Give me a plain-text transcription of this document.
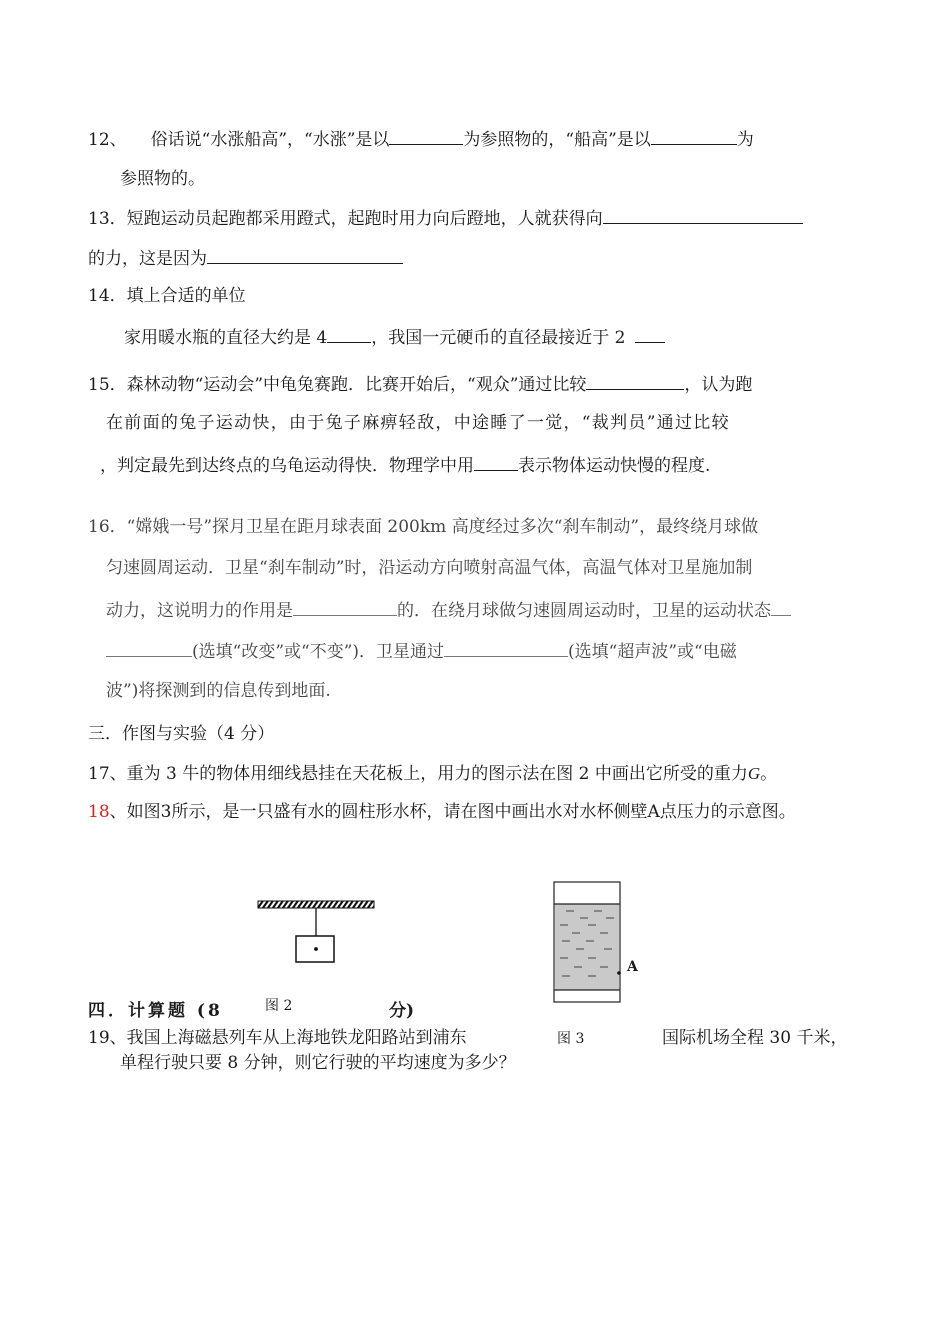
12、 俗话说“水涨船高”，“水涨”是以	为参照物的，“船高”是以	为
参照物的。
13．短跑运动员起跑都采用蹬式，起跑时用力向后蹬地，人就获得向
的力，这是因为
14．填上合适的单位
家用暖水瓶的直径大约是 4	，我国一元硬币的直径最接近于 2
15．森林动物“运动会”中龟兔赛跑．比赛开始后，“观众”通过比较	，认为跑
在前面的兔子运动快，由于兔子麻痹轻敌，中途睡了一觉，“裁判员”通过比较
，判定最先到达终点的乌龟运动得快．物理学中用	表示物体运动快慢的程度.
16．“嫦娥一号”探月卫星在距月球表面 200km 高度经过多次“刹车制动”，最终绕月球做
匀速圆周运动．卫星“刹车制动”时，沿运动方向喷射高温气体，高温气体对卫星施加制
动力，这说明力的作用是	的．在绕月球做匀速圆周运动时，卫星的运动状态
(选填“改变”或“不变”)．卫星通过	(选填“超声波”或“电磁
波”)将探测到的信息传到地面.
三．作图与实验（4 分）
17、重为 3 牛的物体用细线悬挂在天花板上，用力的图示法在图 2 中画出它所受的重力G。
18、如图3所示，是一只盛有水的圆柱形水杯，请在图中画出水对水杯侧壁A点压力的示意图。
A
四．计算题 (8	分)
图 2
图 3
19、我国上海磁悬列车从上海地铁龙阳路站到浦东	国际机场全程 30 千米，
单程行驶只要 8 分钟，则它行驶的平均速度为多少？
